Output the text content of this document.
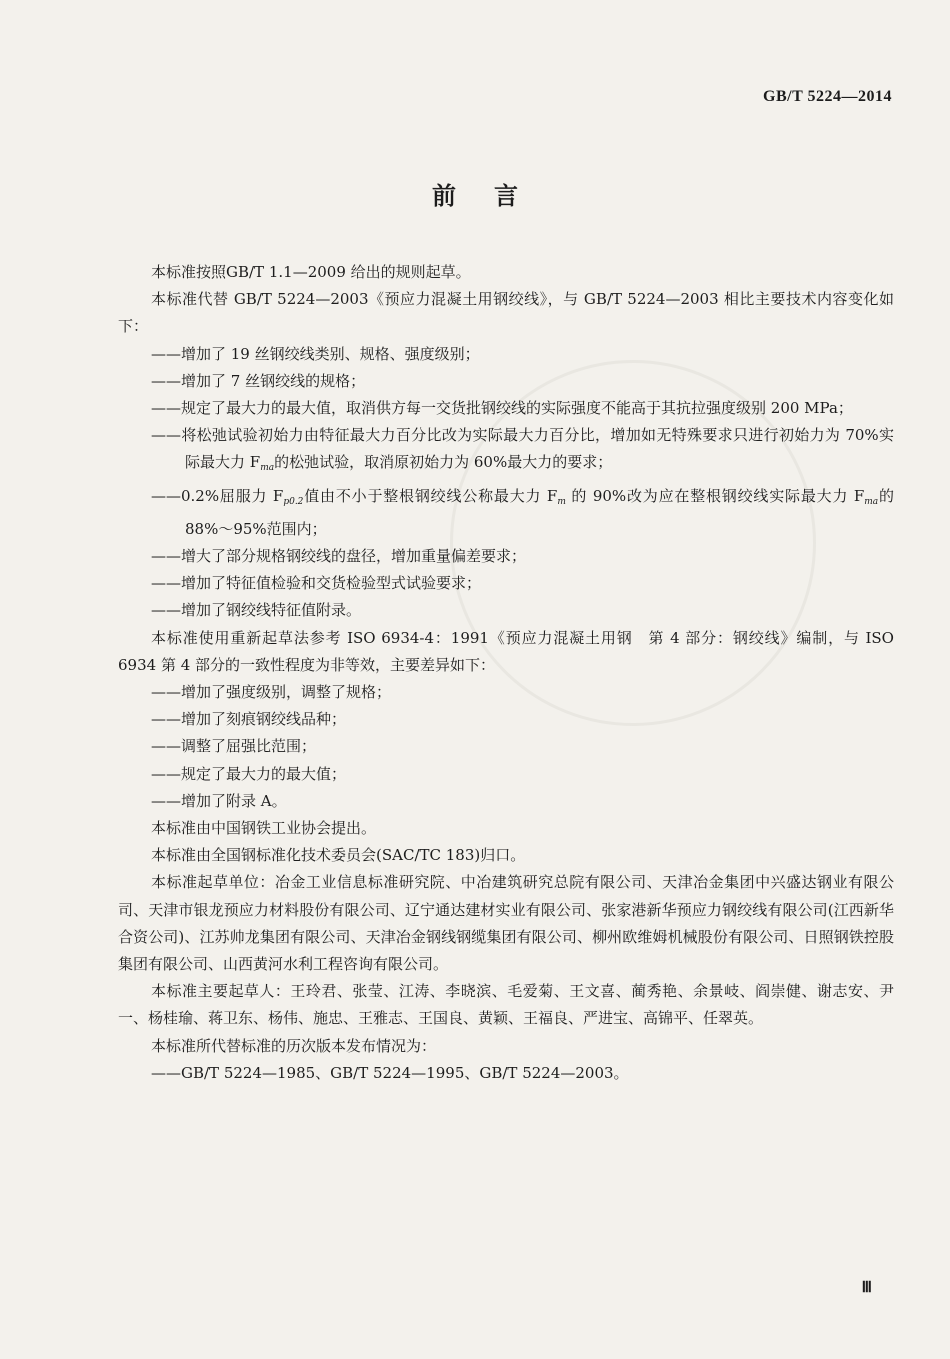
GB/T 5224—2014
前言

本标准按照GB/T 1.1—2009 给出的规则起草。

本标准代替 GB/T 5224—2003《预应力混凝土用钢绞线》，与 GB/T 5224—2003 相比主要技术内容变化如下：

——增加了 19 丝钢绞线类别、规格、强度级别；

——增加了 7 丝钢绞线的规格；

——规定了最大力的最大值，取消供方每一交货批钢绞线的实际强度不能高于其抗拉强度级别 200 MPa；

——将松弛试验初始力由特征最大力百分比改为实际最大力百分比，增加如无特殊要求只进行初始力为 70%实际最大力 $F_{ma}$的松弛试验，取消原初始力为 60%最大力的要求；

——0.2%屈服力 $F_{p0.2}$值由不小于整根钢绞线公称最大力 $F_m$ 的 90%改为应在整根钢绞线实际最大力 $F_{ma}$的 88%～95%范围内；

——增大了部分规格钢绞线的盘径，增加重量偏差要求；

——增加了特征值检验和交货检验型式试验要求；

——增加了钢绞线特征值附录。

本标准使用重新起草法参考 ISO 6934-4：1991《预应力混凝土用钢　第 4 部分：钢绞线》编制，与 ISO 6934 第 4 部分的一致性程度为非等效，主要差异如下：

——增加了强度级别，调整了规格；

——增加了刻痕钢绞线品种；

——调整了屈强比范围；

——规定了最大力的最大值；

——增加了附录 A。

本标准由中国钢铁工业协会提出。

本标准由全国钢标准化技术委员会(SAC/TC 183)归口。

本标准起草单位：冶金工业信息标准研究院、中冶建筑研究总院有限公司、天津冶金集团中兴盛达钢业有限公司、天津市银龙预应力材料股份有限公司、辽宁通达建材实业有限公司、张家港新华预应力钢绞线有限公司(江西新华合资公司)、江苏帅龙集团有限公司、天津冶金钢线钢缆集团有限公司、柳州欧维姆机械股份有限公司、日照钢铁控股集团有限公司、山西黄河水利工程咨询有限公司。

本标准主要起草人：王玲君、张莹、江涛、李晓滨、毛爱菊、王文喜、蔺秀艳、余景岐、阎崇健、谢志安、尹一、杨桂瑜、蒋卫东、杨伟、施忠、王雅志、王国良、黄颖、王福良、严进宝、高锦平、任翠英。

本标准所代替标准的历次版本发布情况为：

——GB/T 5224—1985、GB/T 5224—1995、GB/T 5224—2003。

Ⅲ
